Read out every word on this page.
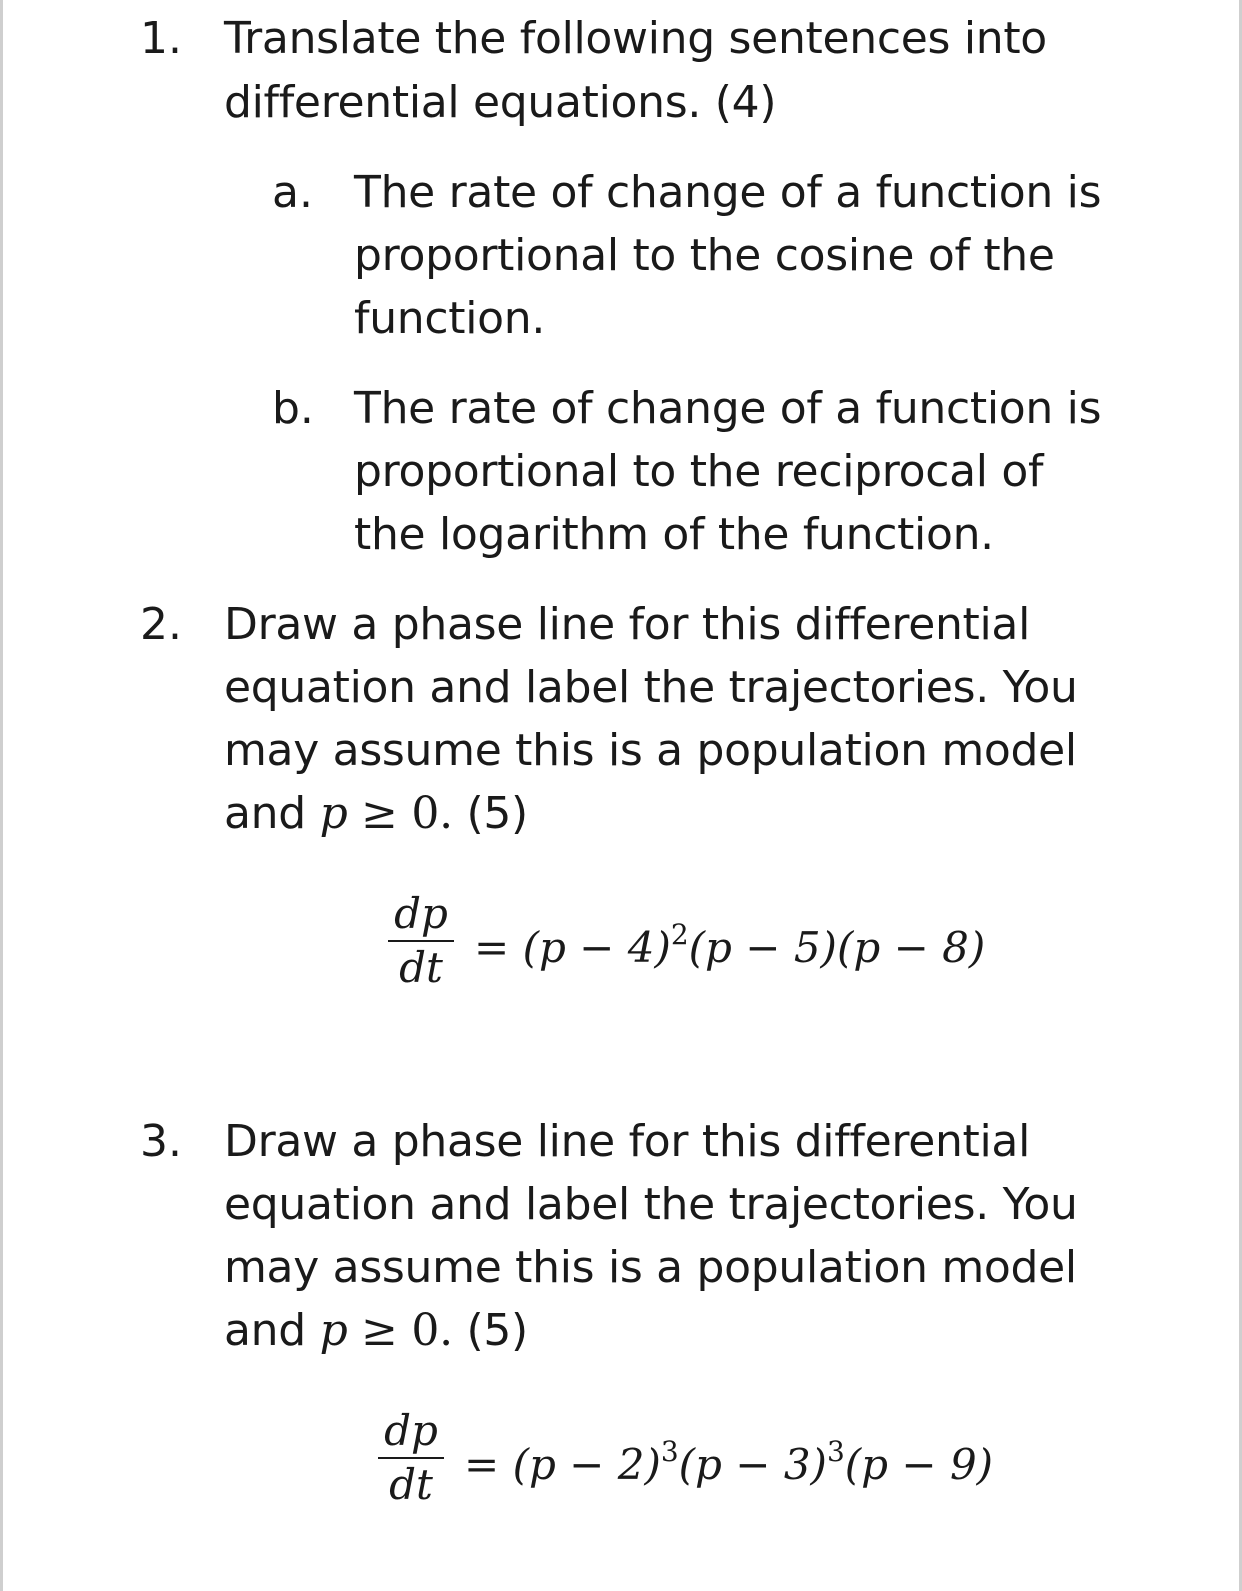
1. Translate the following sentences into
differential equations. (4)
a. The rate of change of a function is
proportional to the cosine of the
function.
b. The rate of change of a function is
proportional to the reciprocal of
the logarithm of the function.
2. Draw a phase line for this differential
equation and label the trajectories. You
may assume this is a population model
and p ≥ 0. (5)
$\frac{dp}{dt} = (p - 4)^2(p - 5)(p - 8)$
3. Draw a phase line for this differential
equation and label the trajectories. You
may assume this is a population model
and p ≥ 0. (5)
$\frac{dp}{dt} = (p - 2)^3(p - 3)^3(p - 9)$
